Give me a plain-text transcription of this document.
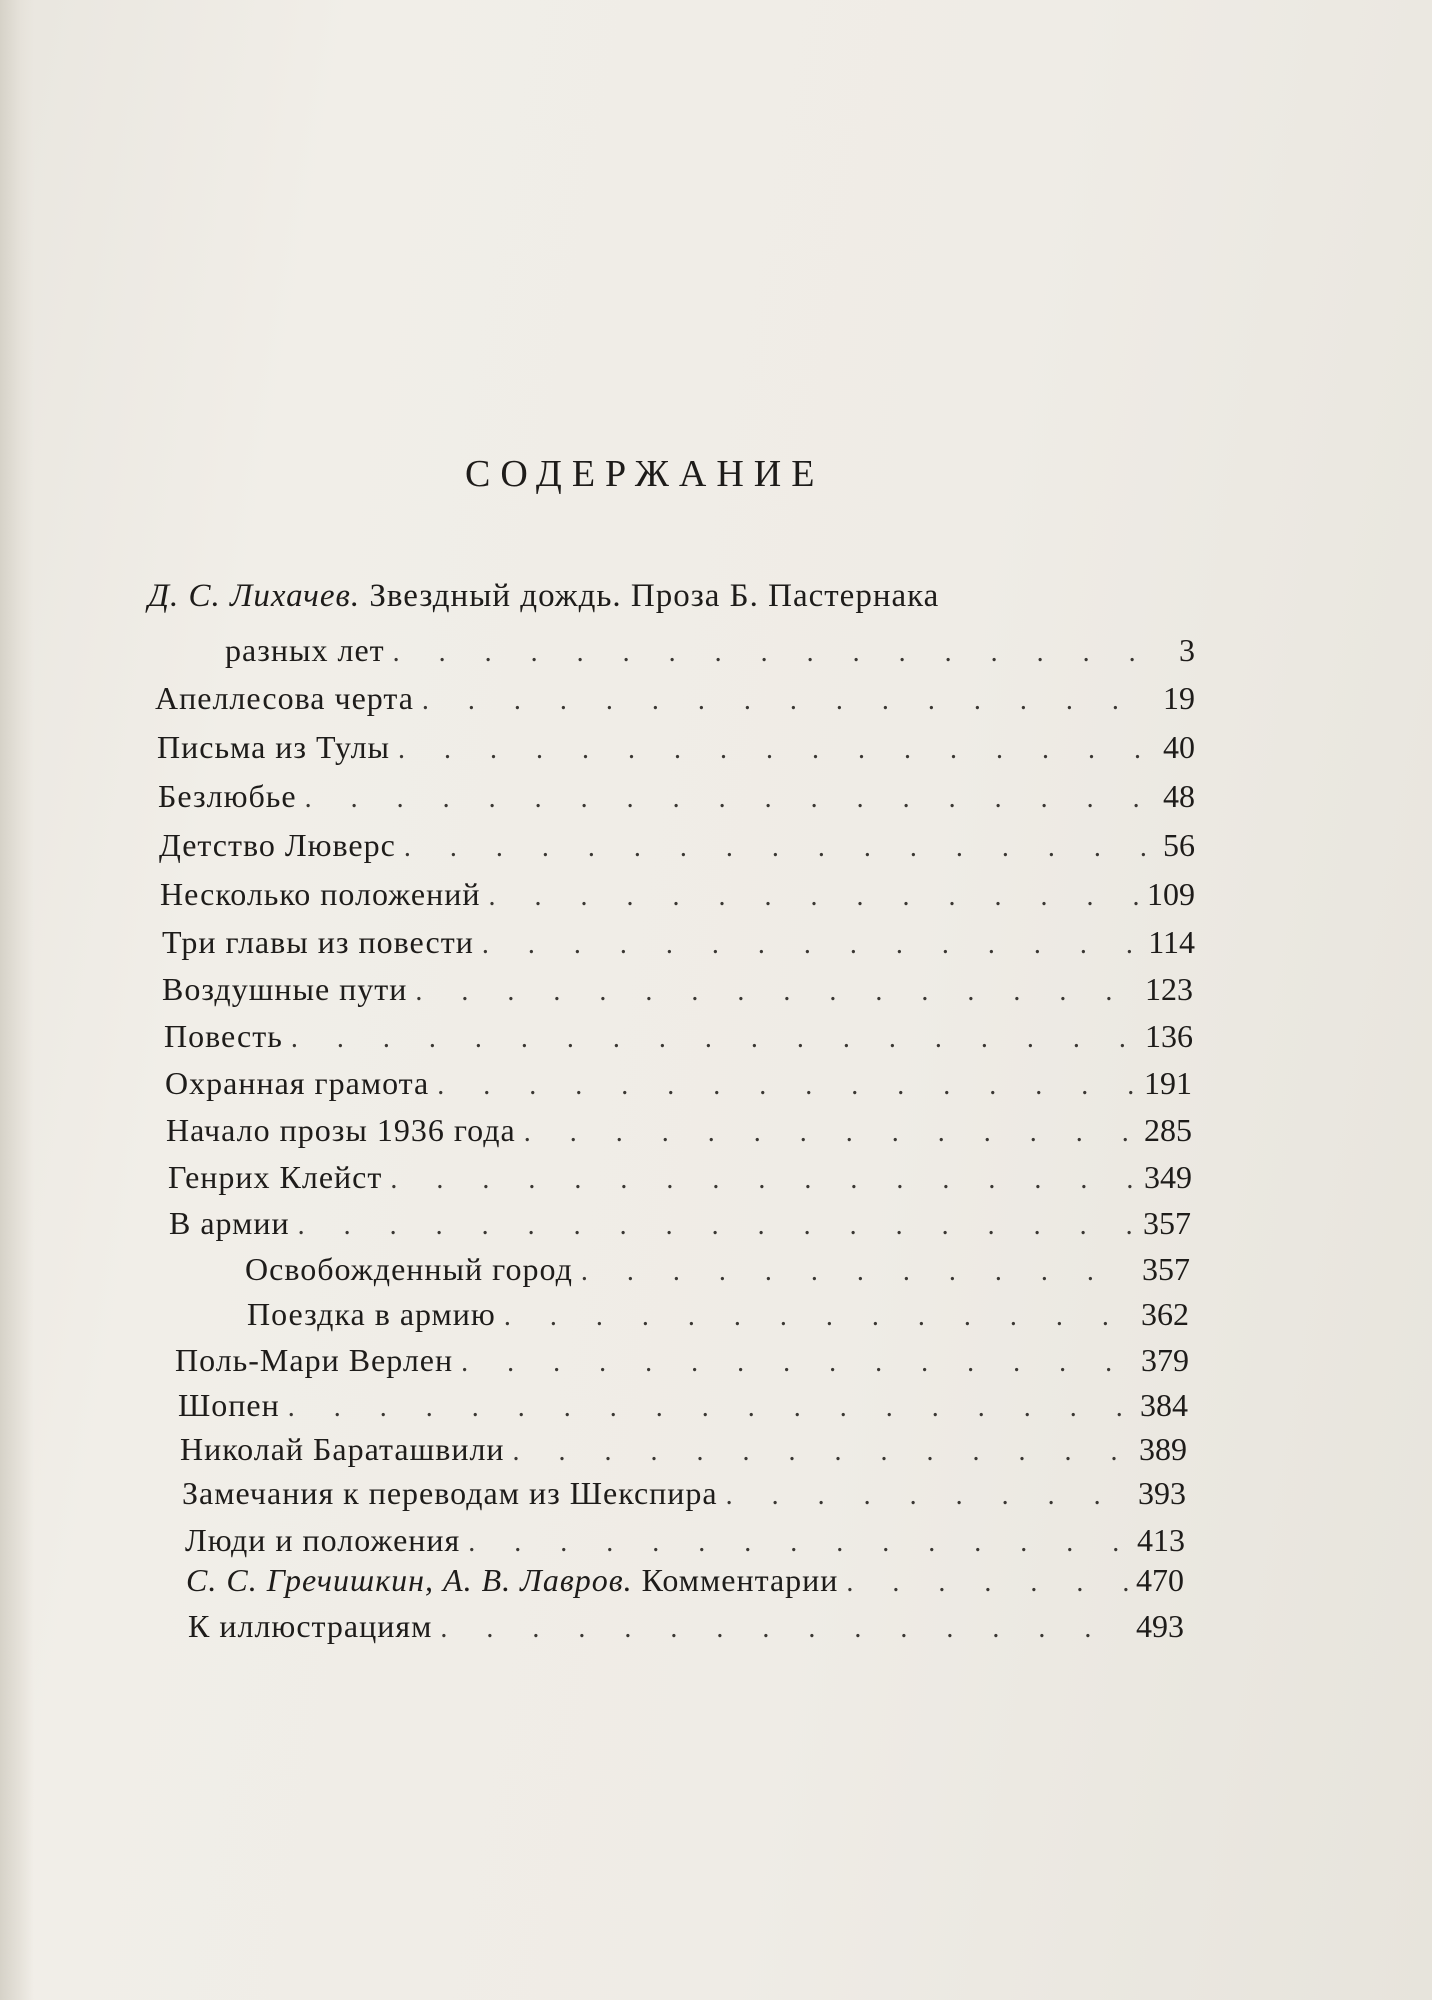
СОДЕРЖАНИЕ
Д. С. Лихачев. Звездный дождь. Проза Б. Пастернака
разных лет . . .	3
Апеллесова черта . . .	19
Письма из Тулы . . .	40
Безлюбье . . .	48
Детство Люверс . . .	56
Несколько положений . . .	109
Три главы из повести . . .	114
Воздушные пути . . .	123
Повесть . . .	136
Охранная грамота . . .	191
Начало прозы 1936 года . . .	285
Генрих Клейст . . .	349
В армии . . .	357
Освобожденный город . . .	357
Поездка в армию . . .	362
Поль-Мари Верлен . . .	379
Шопен . . .	384
Николай Бараташвили . . .	389
Замечания к переводам из Шекспира . . .	393
Люди и положения . . .	413
С. С. Гречишкин, А. В. Лавров. Комментарии . . .	470
К иллюстрациям . . .	493
